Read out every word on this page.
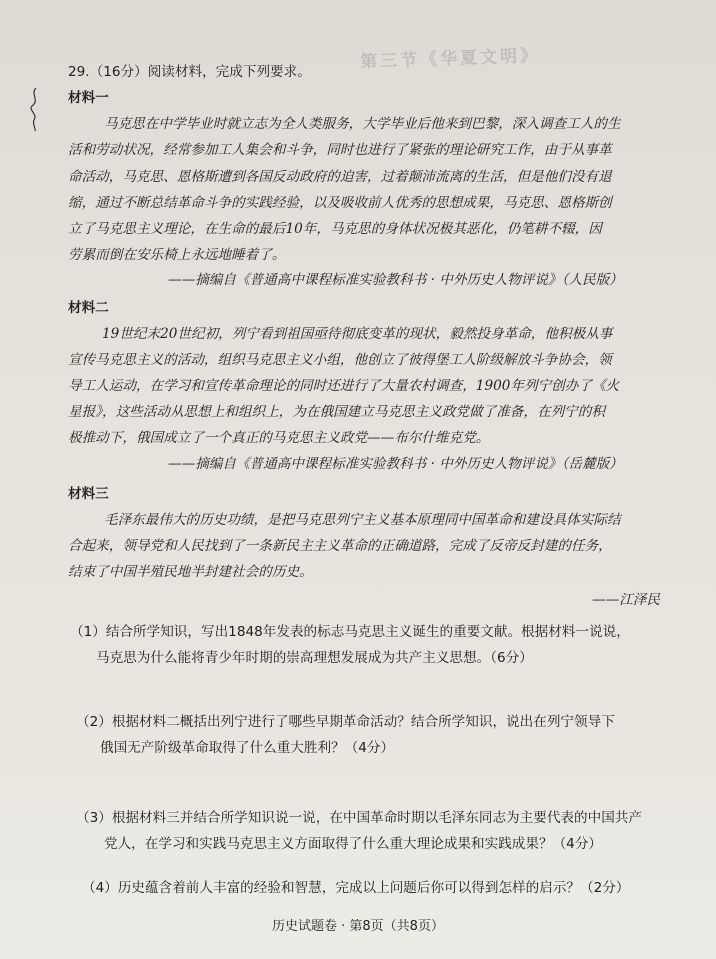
第三节《华夏文明》
29.（16分）阅读材料，完成下列要求。
材料一
马克思在中学毕业时就立志为全人类服务，大学毕业后他来到巴黎，深入调查工人的生
活和劳动状况，经常参加工人集会和斗争，同时也进行了紧张的理论研究工作，由于从事革
命活动，马克思、恩格斯遭到各国反动政府的迫害，过着颠沛流离的生活，但是他们没有退
缩，通过不断总结革命斗争的实践经验，以及吸收前人优秀的思想成果，马克思、恩格斯创
立了马克思主义理论，在生命的最后10年，马克思的身体状况极其恶化，仍笔耕不辍，因
劳累而倒在安乐椅上永远地睡着了。
——摘编自《普通高中课程标准实验教科书 · 中外历史人物评说》（人民版）
材料二
19世纪末20世纪初，列宁看到祖国亟待彻底变革的现状，毅然投身革命，他积极从事
宣传马克思主义的活动，组织马克思主义小组，他创立了彼得堡工人阶级解放斗争协会，领
导工人运动，在学习和宣传革命理论的同时还进行了大量农村调查，1900年列宁创办了《火
星报》，这些活动从思想上和组织上，为在俄国建立马克思主义政党做了准备，在列宁的积
极推动下，俄国成立了一个真正的马克思主义政党——布尔什维克党。
——摘编自《普通高中课程标准实验教科书 · 中外历史人物评说》（岳麓版）
材料三
毛泽东最伟大的历史功绩，是把马克思列宁主义基本原理同中国革命和建设具体实际结
合起来，领导党和人民找到了一条新民主主义革命的正确道路，完成了反帝反封建的任务，
结束了中国半殖民地半封建社会的历史。
——江泽民
（1）结合所学知识，写出1848年发表的标志马克思主义诞生的重要文献。根据材料一说说，
马克思为什么能将青少年时期的崇高理想发展成为共产主义思想。（6分）
（2）根据材料二概括出列宁进行了哪些早期革命活动？结合所学知识，说出在列宁领导下
俄国无产阶级革命取得了什么重大胜利？（4分）
（3）根据材料三并结合所学知识说一说，在中国革命时期以毛泽东同志为主要代表的中国共产
党人，在学习和实践马克思主义方面取得了什么重大理论成果和实践成果？（4分）
（4）历史蕴含着前人丰富的经验和智慧，完成以上问题后你可以得到怎样的启示？（2分）
历史试题卷 · 第8页（共8页）
